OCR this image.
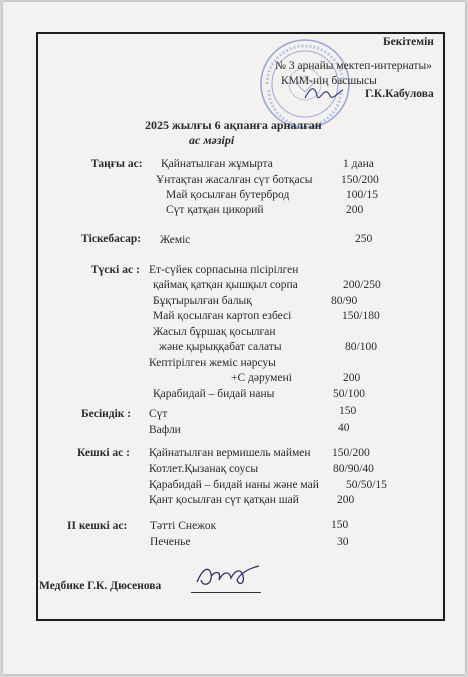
Бекітемін
№ 3 арнайы мектеп-интернаты»
КММ-нің басшысы
Г.К.Кабулова
2025 жылғы 6 ақпанға арналған
ас мәзірі
Таңғы ас: Қайнатылған жұмырта	1 дана
Ұнтақтан жасалған сүт ботқасы 150/200
Май қосылған бутерброд	100/15
Сүт қатқан цикорий	200
Тіскебасар: Жеміс	250
Түскі ас : Ет-сүйек сорпасына пісірілген
қаймақ қатқан қышқыл сорпа	200/250
Бұқтырылған балық	80/90
Май қосылған картоп езбесі	150/180
Жасыл бұршақ қосылған
және қырыққабат салаты	80/100
Кептірілген жеміс нәрсуы
+С дәрумені	200
Қарабидай – бидай наны	50/100
Бесіндік : Сүт	150
Вафли	40
Кешкі ас : Қайнатылған вермишель маймен 150/200
Котлет.Қызанақ соусы	80/90/40
Қарабидай – бидай наны және май 50/50/15
Қант қосылған сүт қатқан шай	200
ІІ кешкі ас: Тәтті Снежок	150
Печенье	30
Медбике Г.К. Дюсенова
